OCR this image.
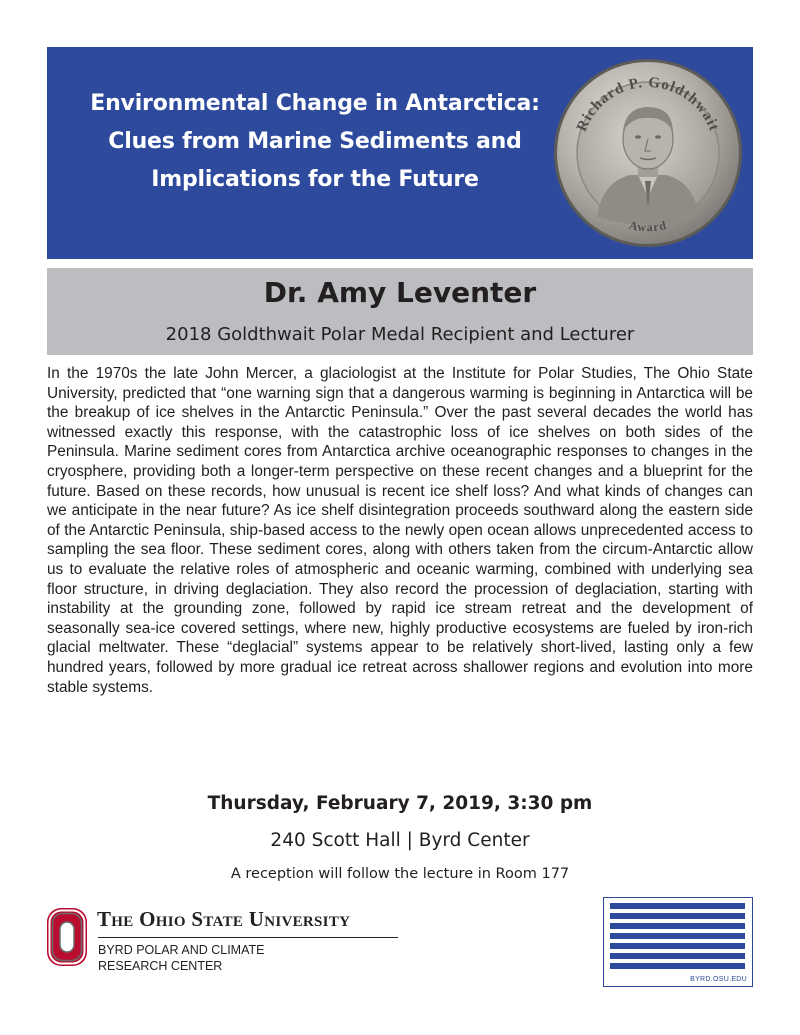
Environmental Change in Antarctica:
Clues from Marine Sediments and
Implications for the Future
Richard P. Goldthwait
Award
Dr. Amy Leventer
2018 Goldthwait Polar Medal Recipient and Lecturer
In the 1970s the late John Mercer, a glaciologist at the Institute for Polar Studies, The Ohio State University, predicted that “one warning sign that a dangerous warming is beginning in Antarctica will be the breakup of ice shelves in the Antarctic Peninsula.” Over the past several decades the world has witnessed exactly this response, with the catastrophic loss of ice shelves on both sides of the Peninsula. Marine sediment cores from Antarctica archive oceanographic responses to changes in the cryosphere, providing both a longer-term perspective on these recent changes and a blueprint for the future. Based on these records, how unusual is recent ice shelf loss? And what kinds of changes can we anticipate in the near future? As ice shelf disintegration proceeds southward along the eastern side of the Antarctic Peninsula, ship-based access to the newly open ocean allows unprecedented access to sampling the sea floor. These sediment cores, along with others taken from the circum-Antarctic allow us to evaluate the relative roles of atmospheric and oceanic warming, combined with underlying sea floor structure, in driving deglaciation. They also record the procession of deglaciation, starting with instability at the grounding zone, followed by rapid ice stream retreat and the development of seasonally sea-ice covered settings, where new, highly productive ecosystems are fueled by iron-rich glacial meltwater. These “deglacial” systems appear to be relatively short-lived, lasting only a few hundred years, followed by more gradual ice retreat across shallower regions and evolution into more stable systems.
Thursday, February 7, 2019, 3:30 pm
240 Scott Hall | Byrd Center
A reception will follow the lecture in Room 177
The Ohio State University
BYRD POLAR AND CLIMATE
RESEARCH CENTER
BYRD.OSU.EDU
